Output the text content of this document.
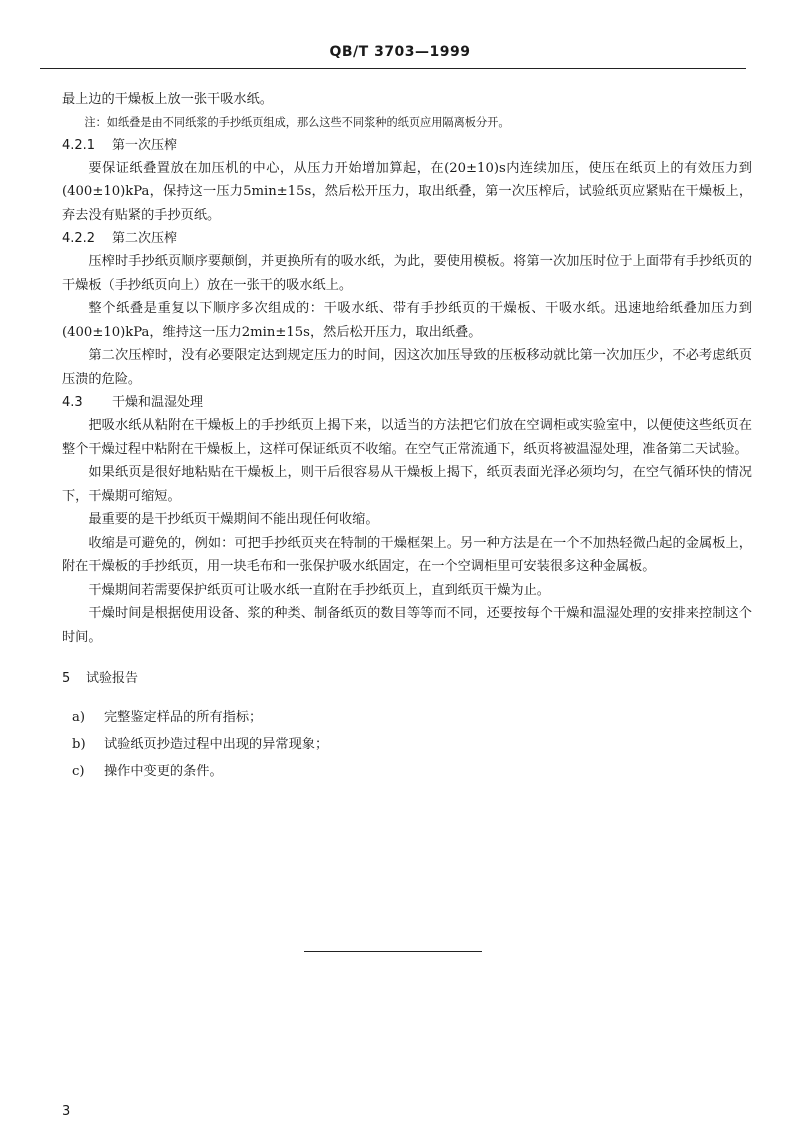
QB/T 3703—1999

最上边的干燥板上放一张干吸水纸。

注：如纸叠是由不同纸浆的手抄纸页组成，那么这些不同浆种的纸页应用隔离板分开。

4.2.1 第一次压榨

要保证纸叠置放在加压机的中心，从压力开始增加算起，在(20±10)s内连续加压，使压在纸页上的有效压力到(400±10)kPa，保持这一压力5min±15s，然后松开压力，取出纸叠，第一次压榨后，试验纸页应紧贴在干燥板上，弃去没有贴紧的手抄页纸。

4.2.2 第二次压榨

压榨时手抄纸页顺序要颠倒，并更换所有的吸水纸，为此，要使用模板。将第一次加压时位于上面带有手抄纸页的干燥板（手抄纸页向上）放在一张干的吸水纸上。

整个纸叠是重复以下顺序多次组成的：干吸水纸、带有手抄纸页的干燥板、干吸水纸。迅速地给纸叠加压力到(400±10)kPa，维持这一压力2min±15s，然后松开压力，取出纸叠。

第二次压榨时，没有必要限定达到规定压力的时间，因这次加压导致的压板移动就比第一次加压少，不必考虑纸页压溃的危险。

4.3 干燥和温湿处理

把吸水纸从粘附在干燥板上的手抄纸页上揭下来，以适当的方法把它们放在空调柜或实验室中，以便使这些纸页在整个干燥过程中粘附在干燥板上，这样可保证纸页不收缩。在空气正常流通下，纸页将被温湿处理，准备第二天试验。

如果纸页是很好地粘贴在干燥板上，则干后很容易从干燥板上揭下，纸页表面光泽必须均匀，在空气循环快的情况下，干燥期可缩短。

最重要的是干抄纸页干燥期间不能出现任何收缩。

收缩是可避免的，例如：可把手抄纸页夹在特制的干燥框架上。另一种方法是在一个不加热轻微凸起的金属板上，附在干燥板的手抄纸页，用一块毛布和一张保护吸水纸固定，在一个空调柜里可安装很多这种金属板。

干燥期间若需要保护纸页可让吸水纸一直附在手抄纸页上，直到纸页干燥为止。

干燥时间是根据使用设备、浆的种类、制备纸页的数目等等而不同，还要按每个干燥和温湿处理的安排来控制这个时间。

5 试验报告
a) 完整鉴定样品的所有指标；
b) 试验纸页抄造过程中出现的异常现象；
c) 操作中变更的条件。
3
